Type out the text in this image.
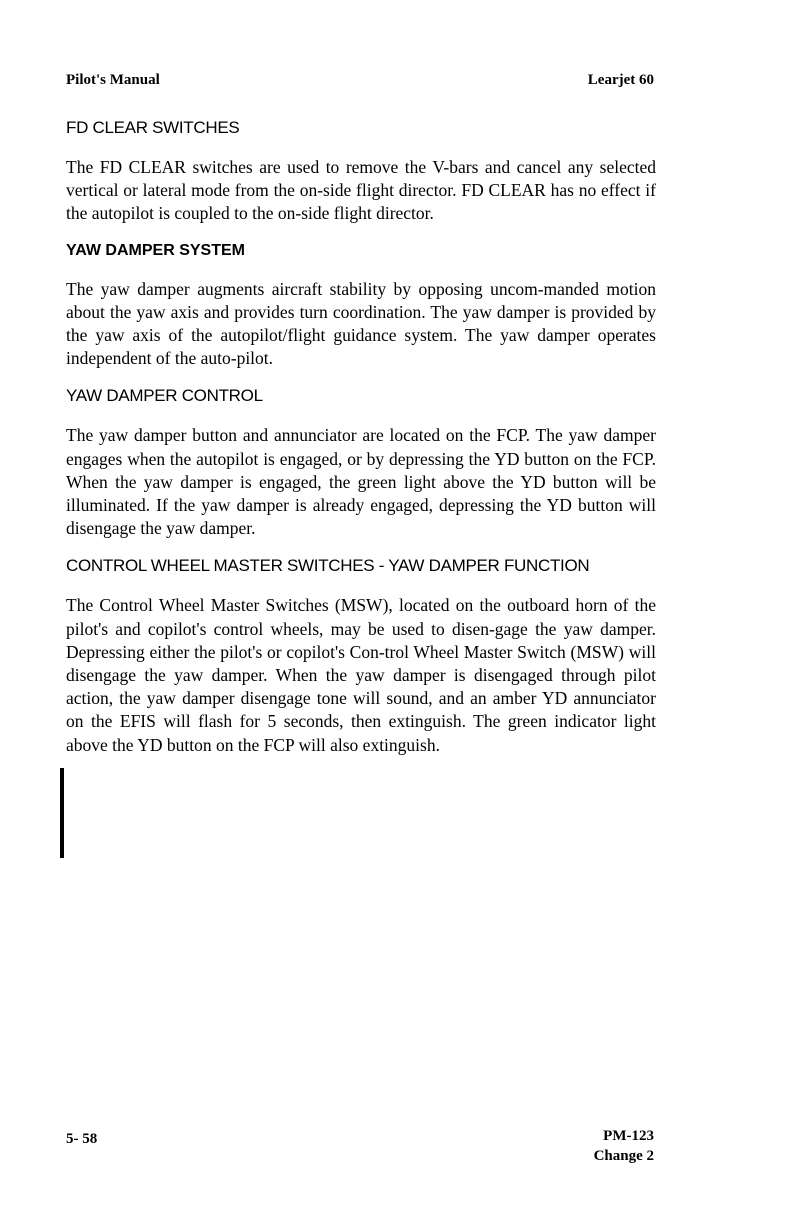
Pilot's Manual	Learjet 60
FD CLEAR SWITCHES

The FD CLEAR switches are used to remove the V-bars and cancel any selected vertical or lateral mode from the on-side flight director. FD CLEAR has no effect if the autopilot is coupled to the on-side flight director.

YAW DAMPER SYSTEM

The yaw damper augments aircraft stability by opposing uncom-manded motion about the yaw axis and provides turn coordination. The yaw damper is provided by the yaw axis of the autopilot/flight guidance system. The yaw damper operates independent of the auto-pilot.

YAW DAMPER CONTROL

The yaw damper button and annunciator are located on the FCP. The yaw damper engages when the autopilot is engaged, or by depressing the YD button on the FCP. When the yaw damper is engaged, the green light above the YD button will be illuminated. If the yaw damper is already engaged, depressing the YD button will disengage the yaw damper.

CONTROL WHEEL MASTER SWITCHES - YAW DAMPER FUNCTION

The Control Wheel Master Switches (MSW), located on the outboard horn of the pilot's and copilot's control wheels, may be used to disen-gage the yaw damper. Depressing either the pilot's or copilot's Con-trol Wheel Master Switch (MSW) will disengage the yaw damper. When the yaw damper is disengaged through pilot action, the yaw damper disengage tone will sound, and an amber YD annunciator on the EFIS will flash for 5 seconds, then extinguish. The green indicator light above the YD button on the FCP will also extinguish.

5- 58	PM-123
Change 2
